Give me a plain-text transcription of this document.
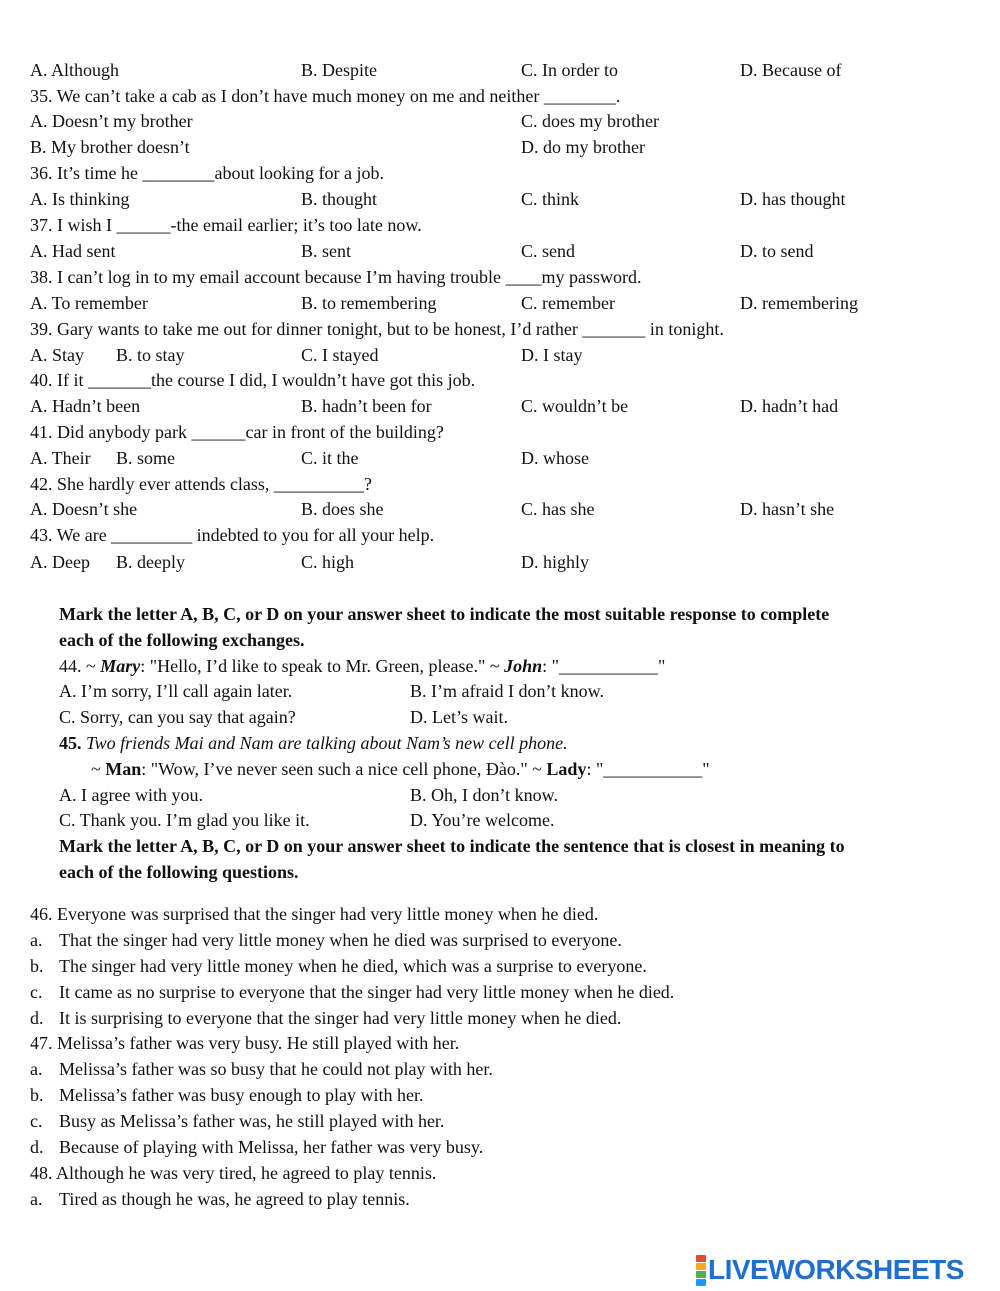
A. Although	B. Despite	C. In order to	D. Because of
35. We can’t take a cab as I don’t have much money on me and neither ________.
A. Doesn’t my brother	C. does my brother
B. My brother doesn’t	D. do my brother
36. It’s time he ________about looking for a job.
A. Is thinking	B. thought	C. think	D. has thought
37. I wish I ______-the email earlier; it’s too late now.
A. Had sent	B. sent	C. send	D. to send
38. I can’t log in to my email account because I’m having trouble ____my password.
A. To remember	B. to remembering	C. remember	D. remembering
39. Gary wants to take me out for dinner tonight, but to be honest, I’d rather _______ in tonight.
A. Stay B. to stay	C. I stayed	D. I stay
40. If it _______the course I did, I wouldn’t have got this job.
A. Hadn’t been	B. hadn’t been for	C. wouldn’t be	D. hadn’t had
41. Did anybody park ______car in front of the building?
A. Their B. some	C. it the	D. whose
42. She hardly ever attends class, __________?
A. Doesn’t she	B. does she	C. has she	D. hasn’t she
43. We are _________ indebted to you for all your help.
A. Deep B. deeply	C. high	D. highly
Mark the letter A, B, C, or D on your answer sheet to indicate the most suitable response to complete
each of the following exchanges.
44. ~ Mary: "Hello, I’d like to speak to Mr. Green, please." ~ John: "___________"
A. I’m sorry, I’ll call again later.	B. I’m afraid I don’t know.
C. Sorry, can you say that again?	D. Let’s wait.
45. Two friends Mai and Nam are talking about Nam’s new cell phone.
~ Man: "Wow, I’ve never seen such a nice cell phone, Đào." ~ Lady: "___________"
A. I agree with you.	B. Oh, I don’t know.
C. Thank you. I’m glad you like it.	D. You’re welcome.
Mark the letter A, B, C, or D on your answer sheet to indicate the sentence that is closest in meaning to
each of the following questions.
46. Everyone was surprised that the singer had very little money when he died.
a. That the singer had very little money when he died was surprised to everyone.
b. The singer had very little money when he died, which was a surprise to everyone.
c. It came as no surprise to everyone that the singer had very little money when he died.
d. It is surprising to everyone that the singer had very little money when he died.
47. Melissa’s father was very busy. He still played with her.
a. Melissa’s father was so busy that he could not play with her.
b. Melissa’s father was busy enough to play with her.
c. Busy as Melissa’s father was, he still played with her.
d. Because of playing with Melissa, her father was very busy.
48. Although he was very tired, he agreed to play tennis.
a. Tired as though he was, he agreed to play tennis.
LIVEWORKSHEETS
